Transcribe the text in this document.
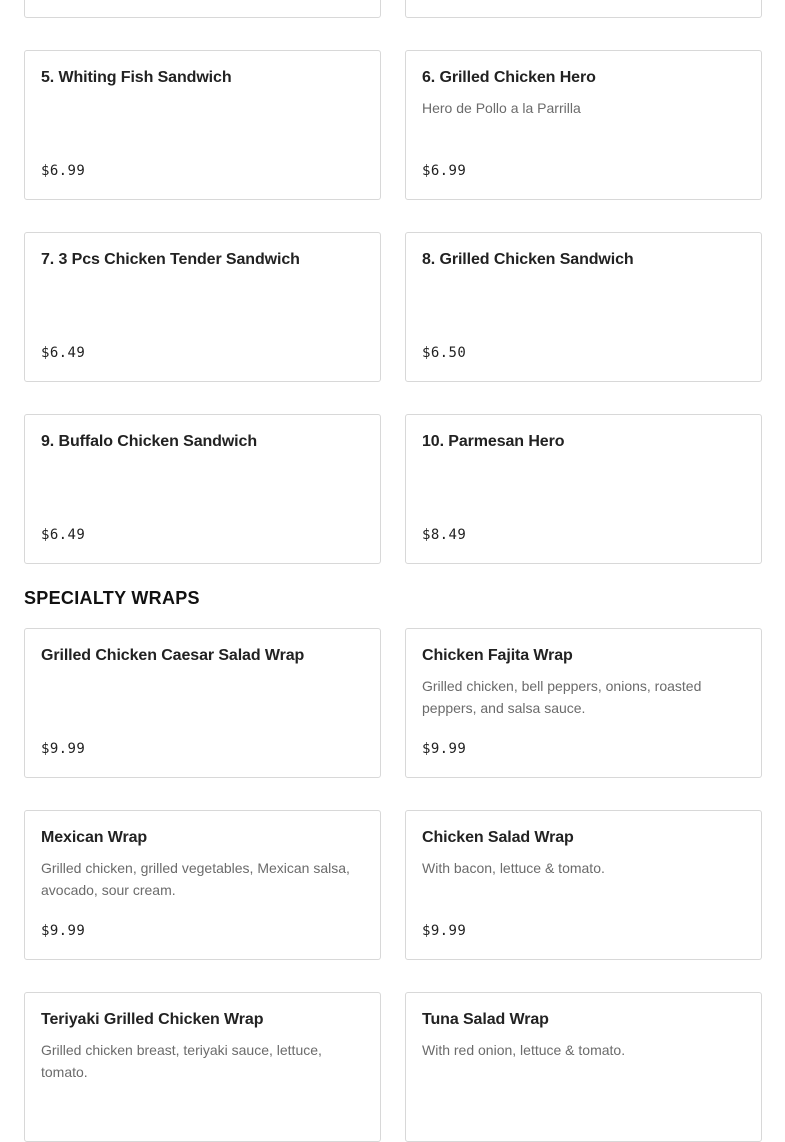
5. Whiting Fish Sandwich
$6.99
6. Grilled Chicken Hero
Hero de Pollo a la Parrilla
$6.99
7. 3 Pcs Chicken Tender Sandwich
$6.49
8. Grilled Chicken Sandwich
$6.50
9. Buffalo Chicken Sandwich
$6.49
10. Parmesan Hero
$8.49
SPECIALTY WRAPS
Grilled Chicken Caesar Salad Wrap
$9.99
Chicken Fajita Wrap
Grilled chicken, bell peppers, onions, roasted peppers, and salsa sauce.
$9.99
Mexican Wrap
Grilled chicken, grilled vegetables, Mexican salsa, avocado, sour cream.
$9.99
Chicken Salad Wrap
With bacon, lettuce & tomato.
$9.99
Teriyaki Grilled Chicken Wrap
Grilled chicken breast, teriyaki sauce, lettuce, tomato.
Tuna Salad Wrap
With red onion, lettuce & tomato.
